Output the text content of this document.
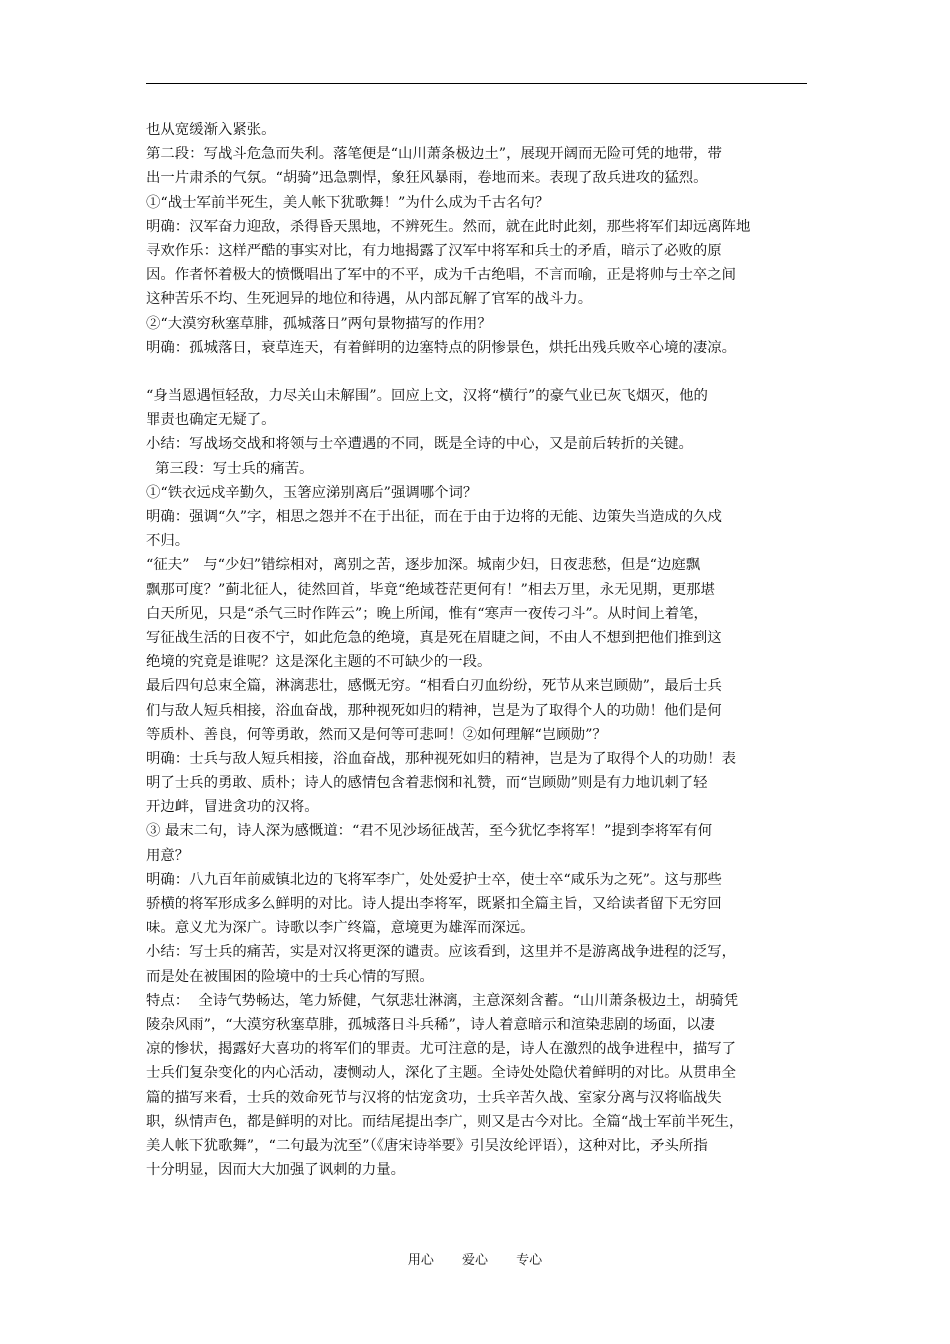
也从宽缓渐入紧张。
第二段：写战斗危急而失利。落笔便是“山川萧条极边土”，展现开阔而无险可凭的地带，带
出一片肃杀的气氛。“胡骑”迅急剽悍，象狂风暴雨，卷地而来。表现了敌兵进攻的猛烈。
①“战士军前半死生，美人帐下犹歌舞！”为什么成为千古名句？
明确：汉军奋力迎敌，杀得昏天黑地，不辨死生。然而，就在此时此刻，那些将军们却远离阵地
寻欢作乐：这样严酷的事实对比，有力地揭露了汉军中将军和兵士的矛盾，暗示了必败的原
因。作者怀着极大的愤慨唱出了军中的不平，成为千古绝唱，不言而喻，正是将帅与士卒之间
这种苦乐不均、生死迥异的地位和待遇，从内部瓦解了官军的战斗力。
②“大漠穷秋塞草腓，孤城落日”两句景物描写的作用？
明确：孤城落日，衰草连天，有着鲜明的边塞特点的阴惨景色，烘托出残兵败卒心境的凄凉。
“身当恩遇恒轻敌，力尽关山未解围”。回应上文，汉将“横行”的豪气业已灰飞烟灭，他的
罪责也确定无疑了。
小结：写战场交战和将领与士卒遭遇的不同，既是全诗的中心，又是前后转折的关键。
第三段：写士兵的痛苦。
①“铁衣远戍辛勤久，玉箸应涕别离后”强调哪个词？
明确：强调“久”字，相思之怨并不在于出征，而在于由于边将的无能、边策失当造成的久戍
不归。
“征夫”   与“少妇”错综相对，离别之苦，逐步加深。城南少妇，日夜悲愁，但是“边庭飘
飘那可度？”蓟北征人，徒然回首，毕竟“绝域苍茫更何有！”相去万里，永无见期，更那堪
白天所见，只是“杀气三时作阵云”；晚上所闻，惟有“寒声一夜传刁斗”。从时间上着笔，
写征战生活的日夜不宁，如此危急的绝境，真是死在眉睫之间，不由人不想到把他们推到这
绝境的究竟是谁呢？这是深化主题的不可缺少的一段。
最后四句总束全篇，淋漓悲壮，感慨无穷。“相看白刃血纷纷，死节从来岂顾勋”，最后士兵
们与敌人短兵相接，浴血奋战，那种视死如归的精神，岂是为了取得个人的功勋！他们是何
等质朴、善良，何等勇敢，然而又是何等可悲呵！②如何理解“岂顾勋”？
明确：士兵与敌人短兵相接，浴血奋战，那种视死如归的精神，岂是为了取得个人的功勋！表
明了士兵的勇敢、质朴；诗人的感情包含着悲悯和礼赞，而“岂顾勋”则是有力地讥刺了轻
开边衅，冒进贪功的汉将。
③ 最末二句，诗人深为感慨道：“君不见沙场征战苦，至今犹忆李将军！”提到李将军有何
用意？
明确：八九百年前威镇北边的飞将军李广，处处爱护士卒，使士卒“咸乐为之死”。这与那些
骄横的将军形成多么鲜明的对比。诗人提出李将军，既紧扣全篇主旨，又给读者留下无穷回
味。意义尤为深广。诗歌以李广终篇，意境更为雄浑而深远。
小结：写士兵的痛苦，实是对汉将更深的谴责。应该看到，这里并不是游离战争进程的泛写，
而是处在被围困的险境中的士兵心情的写照。
特点：  全诗气势畅达，笔力矫健，气氛悲壮淋漓，主意深刻含蓄。“山川萧条极边土，胡骑凭
陵杂风雨”，“大漠穷秋塞草腓，孤城落日斗兵稀”，诗人着意暗示和渲染悲剧的场面，以凄
凉的惨状，揭露好大喜功的将军们的罪责。尤可注意的是，诗人在激烈的战争进程中，描写了
士兵们复杂变化的内心活动，凄恻动人，深化了主题。全诗处处隐伏着鲜明的对比。从贯串全
篇的描写来看，士兵的效命死节与汉将的怙宠贪功，士兵辛苦久战、室家分离与汉将临战失
职，纵情声色，都是鲜明的对比。而结尾提出李广，则又是古今对比。全篇“战士军前半死生，
美人帐下犹歌舞”，“二句最为沈至”（《唐宋诗举要》引吴汝纶评语），这种对比，矛头所指
十分明显，因而大大加强了讽刺的力量。
用心 爱心 专心
